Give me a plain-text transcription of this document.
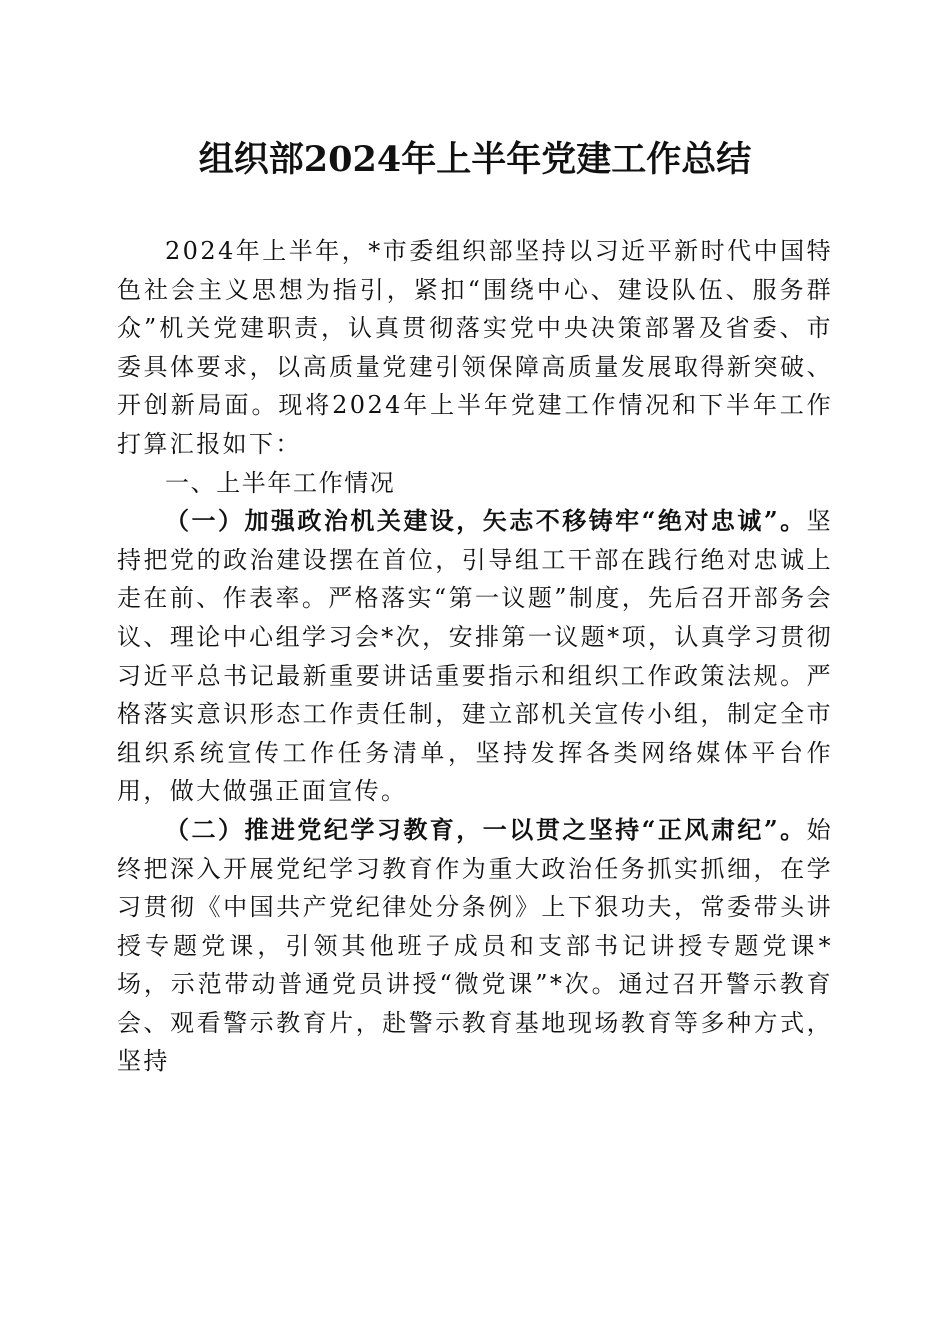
组织部2024年上半年党建工作总结

2024年上半年，*市委组织部坚持以习近平新时代中国特色社会主义思想为指引，紧扣“围绕中心、建设队伍、服务群众”机关党建职责，认真贯彻落实党中央决策部署及省委、市委具体要求，以高质量党建引领保障高质量发展取得新突破、开创新局面。现将2024年上半年党建工作情况和下半年工作打算汇报如下：

一、上半年工作情况

（一）加强政治机关建设，矢志不移铸牢“绝对忠诚”。坚持把党的政治建设摆在首位，引导组工干部在践行绝对忠诚上走在前、作表率。严格落实“第一议题”制度，先后召开部务会议、理论中心组学习会*次，安排第一议题*项，认真学习贯彻习近平总书记最新重要讲话重要指示和组织工作政策法规。严格落实意识形态工作责任制，建立部机关宣传小组，制定全市组织系统宣传工作任务清单，坚持发挥各类网络媒体平台作用，做大做强正面宣传。

（二）推进党纪学习教育，一以贯之坚持“正风肃纪”。始终把深入开展党纪学习教育作为重大政治任务抓实抓细，在学习贯彻《中国共产党纪律处分条例》上下狠功夫，常委带头讲授专题党课，引领其他班子成员和支部书记讲授专题党课*场，示范带动普通党员讲授“微党课”*次。通过召开警示教育会、观看警示教育片，赴警示教育基地现场教育等多种方式，坚持
